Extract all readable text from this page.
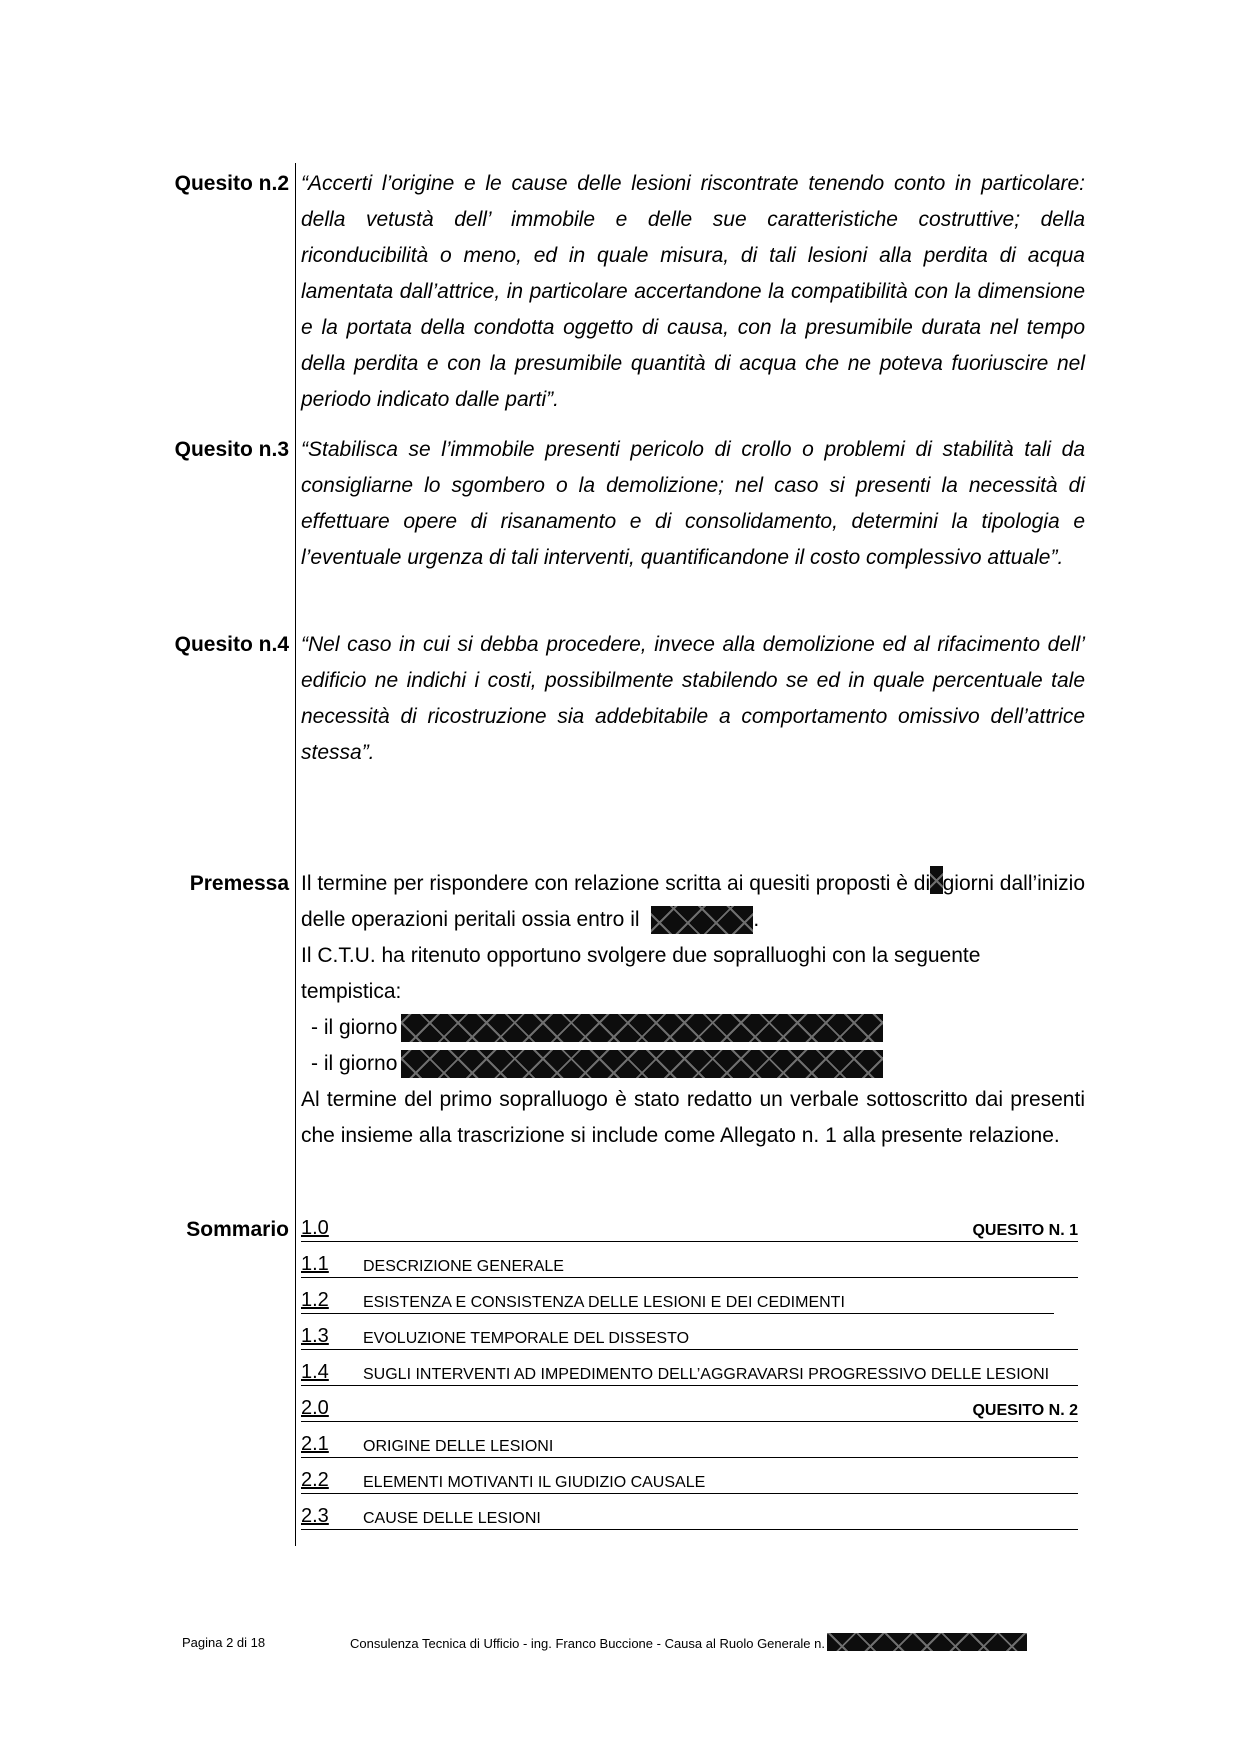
Quesito n.2 “Accerti l’origine e le cause delle lesioni riscontrate tenendo conto in particolare: della vetustà dell’ immobile e delle sue caratteristiche costruttive; della riconducibilità o meno, ed in quale misura, di tali lesioni alla perdita di acqua lamentata dall’attrice, in particolare accertandone la compatibilità con la dimensione e la portata della condotta oggetto di causa, con la presumibile durata nel tempo della perdita e con la presumibile quantità di acqua che ne poteva fuoriuscire nel periodo indicato dalle parti”.
Quesito n.3 “Stabilisca se l’immobile presenti pericolo di crollo o problemi di stabilità tali da consigliarne lo sgombero o la demolizione; nel caso si presenti la necessità di effettuare opere di risanamento e di consolidamento, determini la tipologia e l’eventuale urgenza di tali interventi, quantificandone il costo complessivo attuale”.
Quesito n.4 “Nel caso in cui si debba procedere, invece alla demolizione ed al rifacimento dell’ edificio ne indichi i costi, possibilmente stabilendo se ed in quale percentuale tale necessità di ricostruzione sia addebitabile a comportamento omissivo dell’attrice stessa”.
Premessa Il termine per rispondere con relazione scritta ai quesiti proposti è di giorni dall’inizio
delle operazioni peritali ossia entro il	.
Il C.T.U. ha ritenuto opportuno svolgere due sopralluoghi con la seguente tempistica:
- il giorno
- il giorno
Al termine del primo sopralluogo è stato redatto un verbale sottoscritto dai presenti che insieme alla trascrizione si include come Allegato n. 1 alla presente relazione.
Sommario 1.0	QUESITO N. 1
1.1 DESCRIZIONE GENERALE
1.2 ESISTENZA E CONSISTENZA DELLE LESIONI E DEI CEDIMENTI
1.3 EVOLUZIONE TEMPORALE DEL DISSESTO
1.4 SUGLI INTERVENTI AD IMPEDIMENTO DELL’AGGRAVARSI PROGRESSIVO DELLE LESIONI
2.0	QUESITO N. 2
2.1 ORIGINE DELLE LESIONI
2.2 ELEMENTI MOTIVANTI IL GIUDIZIO CAUSALE
2.3 CAUSE DELLE LESIONI
Pagina 2 di 18	Consulenza Tecnica di Ufficio - ing. Franco Buccione - Causa al Ruolo Generale n.
